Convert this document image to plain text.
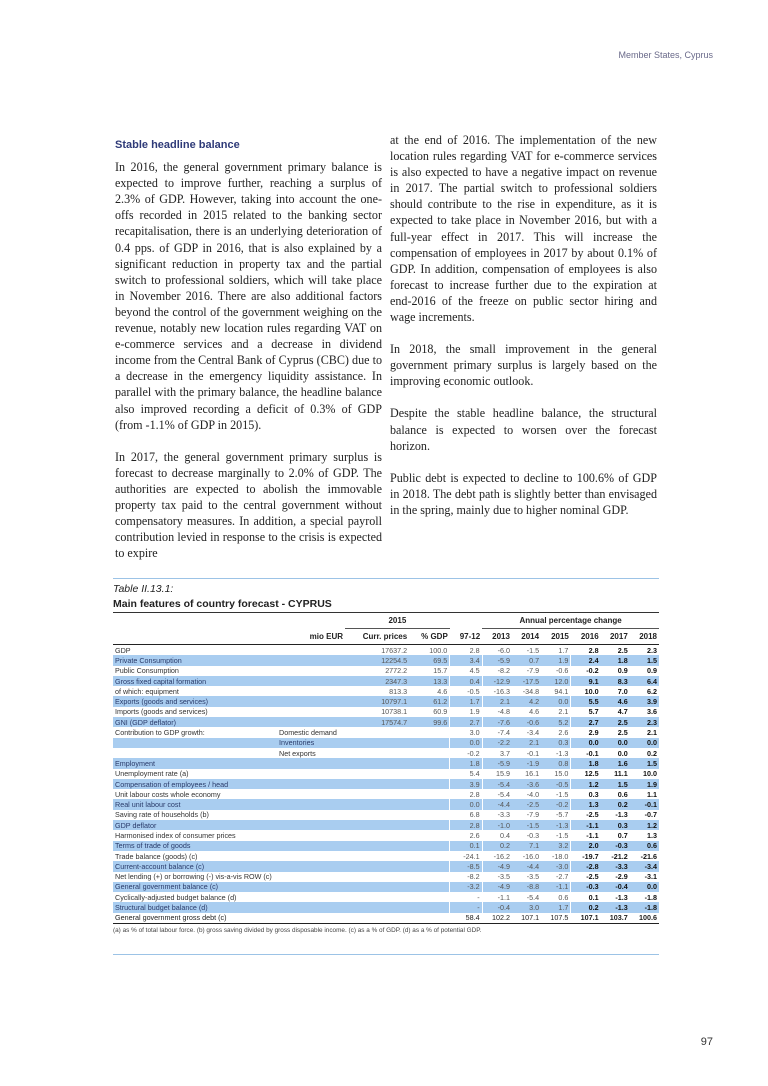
Member States, Cyprus
Stable headline balance

In 2016, the general government primary balance is expected to improve further, reaching a surplus of 2.3% of GDP. However, taking into account the one-offs recorded in 2015 related to the banking sector recapitalisation, there is an underlying deterioration of 0.4 pps. of GDP in 2016, that is also explained by a significant reduction in property tax and the partial switch to professional soldiers, which will take place in November 2016. There are also additional factors beyond the control of the government weighing on the revenue, notably new location rules regarding VAT on e-commerce services and a decrease in dividend income from the Central Bank of Cyprus (CBC) due to a decrease in the emergency liquidity assistance. In parallel with the primary balance, the headline balance also improved recording a deficit of 0.3% of GDP (from -1.1% of GDP in 2015).

In 2017, the general government primary surplus is forecast to decrease marginally to 2.0% of GDP. The authorities are expected to abolish the immovable property tax paid to the central government without compensatory measures. In addition, a special payroll contribution levied in response to the crisis is expected to expire

at the end of 2016. The implementation of the new location rules regarding VAT for e-commerce services is also expected to have a negative impact on revenue in 2017. The partial switch to professional soldiers should contribute to the rise in expenditure, as it is expected to take place in November 2016, but with a full-year effect in 2017. This will increase the compensation of employees in 2017 by about 0.1% of GDP. In addition, compensation of employees is also forecast to increase further due to the expiration at end-2016 of the freeze on public sector hiring and wage increments.

In 2018, the small improvement in the general government primary surplus is largely based on the improving economic outlook.

Despite the stable headline balance, the structural balance is expected to worsen over the forecast horizon.

Public debt is expected to decline to 100.6% of GDP in 2018. The debt path is slightly better than envisaged in the spring, mainly due to higher nominal GDP.

Table II.13.1:
Main features of country forecast - CYPRUS
		2015			Annual percentage change					
	mio EUR	Curr. prices	% GDP	97-12	2013	2014	2015	2016	2017	2018
GDP		17637.2	100.0	2.8	-6.0	-1.5	1.7	2.8	2.5	2.3
Private Consumption		12254.5	69.5	3.4	-5.9	0.7	1.9	2.4	1.8	1.5
Public Consumption		2772.2	15.7	4.5	-8.2	-7.9	-0.6	-0.2	0.9	0.9
Gross fixed capital formation		2347.3	13.3	0.4	-12.9	-17.5	12.0	9.1	8.3	6.4
of which: equipment		813.3	4.6	-0.5	-16.3	-34.8	94.1	10.0	7.0	6.2
Exports (goods and services)		10797.1	61.2	1.7	2.1	4.2	0.0	5.5	4.6	3.9
Imports (goods and services)		10738.1	60.9	1.9	-4.8	4.6	2.1	5.7	4.7	3.6
GNI (GDP deflator)		17574.7	99.6	2.7	-7.6	-0.6	5.2	2.7	2.5	2.3
Contribution to GDP growth:	Domestic demand			3.0	-7.4	-3.4	2.6	2.9	2.5	2.1
	Inventories			0.0	-2.2	2.1	0.3	0.0	0.0	0.0
	Net exports			-0.2	3.7	-0.1	-1.3	-0.1	0.0	0.2
Employment				1.8	-5.9	-1.9	0.8	1.8	1.6	1.5
Unemployment rate (a)				5.4	15.9	16.1	15.0	12.5	11.1	10.0
Compensation of employees / head				3.9	-5.4	-3.6	-0.5	1.2	1.5	1.9
Unit labour costs whole economy				2.8	-5.4	-4.0	-1.5	0.3	0.6	1.1
Real unit labour cost				0.0	-4.4	-2.5	-0.2	1.3	0.2	-0.1
Saving rate of households (b)				6.8	-3.3	-7.9	-5.7	-2.5	-1.3	-0.7
GDP deflator				2.8	-1.0	-1.5	-1.3	-1.1	0.3	1.2
Harmonised index of consumer prices				2.6	0.4	-0.3	-1.5	-1.1	0.7	1.3
Terms of trade of goods				0.1	0.2	7.1	3.2	2.0	-0.3	0.6
Trade balance (goods) (c)				-24.1	-16.2	-16.0	-18.0	-19.7	-21.2	-21.6
Current-account balance (c)				-8.5	-4.9	-4.4	-3.0	-2.8	-3.3	-3.4
Net lending (+) or borrowing (-) vis-a-vis ROW (c)				-8.2	-3.5	-3.5	-2.7	-2.5	-2.9	-3.1
General government balance (c)				-3.2	-4.9	-8.8	-1.1	-0.3	-0.4	0.0
Cyclically-adjusted budget balance (d)				-	-1.1	-5.4	0.6	0.1	-1.3	-1.8
Structural budget balance (d)				-	-0.4	3.0	1.7	0.2	-1.3	-1.8
General government gross debt (c)				58.4	102.2	107.1	107.5	107.1	103.7	100.6
(a) as % of total labour force. (b) gross saving divided by gross disposable income. (c) as a % of GDP. (d) as a % of potential GDP.
97
